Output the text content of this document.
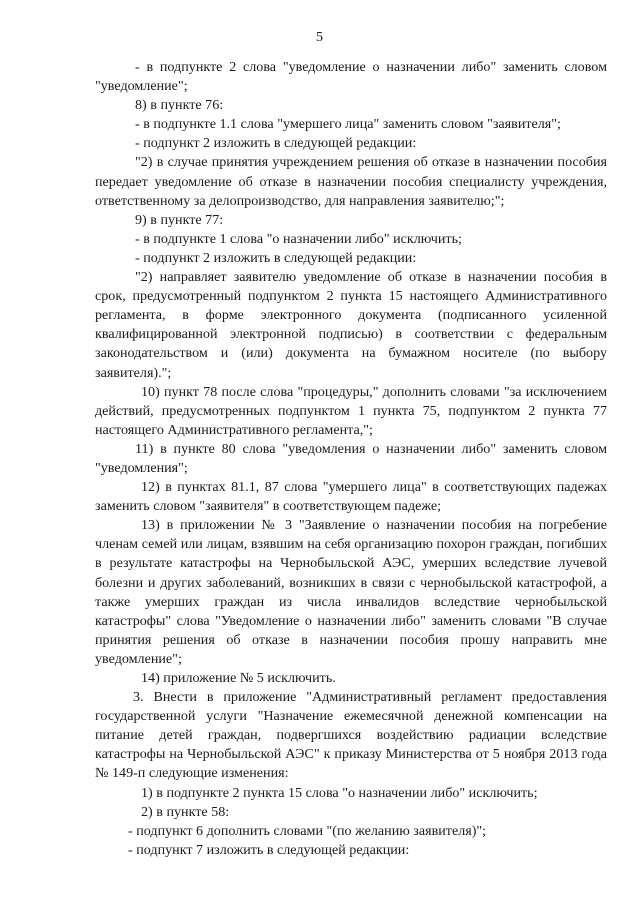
5

- в подпункте 2 слова "уведомление о назначении либо" заменить словом "уведомление";

8) в пункте 76:

- в подпункте 1.1 слова "умершего лица" заменить словом "заявителя";

- подпункт 2 изложить в следующей редакции:

"2) в случае принятия учреждением решения об отказе в назначении пособия передает уведомление об отказе в назначении пособия специалисту учреждения, ответственному за делопроизводство, для направления заявителю;";

9) в пункте 77:

- в подпункте 1 слова "о назначении либо" исключить;

- подпункт 2 изложить в следующей редакции:

"2) направляет заявителю уведомление об отказе в назначении пособия в срок, предусмотренный подпунктом 2 пункта 15 настоящего Административного регламента, в форме электронного документа (подписанного усиленной квалифицированной электронной подписью) в соответствии с федеральным законодательством и (или) документа на бумажном носителе (по выбору заявителя).";

10) пункт 78 после слова "процедуры," дополнить словами "за исключением действий, предусмотренных подпунктом 1 пункта 75, подпунктом 2 пункта 77 настоящего Административного регламента,";

11) в пункте 80 слова "уведомления о назначении либо" заменить словом "уведомления";

12) в пунктах 81.1, 87 слова "умершего лица" в соответствующих падежах заменить словом "заявителя" в соответствующем падеже;

13) в приложении № 3 "Заявление о назначении пособия на погребение членам семей или лицам, взявшим на себя организацию похорон граждан, погибших в результате катастрофы на Чернобыльской АЭС, умерших вследствие лучевой болезни и других заболеваний, возникших в связи с чернобыльской катастрофой, а также умерших граждан из числа инвалидов вследствие чернобыльской катастрофы" слова "Уведомление о назначении либо" заменить словами "В случае принятия решения об отказе в назначении пособия прошу направить мне уведомление";

14) приложение № 5 исключить.

3. Внести в приложение "Административный регламент предоставления государственной услуги "Назначение ежемесячной денежной компенсации на питание детей граждан, подвергшихся воздействию радиации вследствие катастрофы на Чернобыльской АЭС" к приказу Министерства от 5 ноября 2013 года № 149-п следующие изменения:

1) в подпункте 2 пункта 15 слова "о назначении либо" исключить;

2) в пункте 58:

- подпункт 6 дополнить словами "(по желанию заявителя)";

- подпункт 7 изложить в следующей редакции:
